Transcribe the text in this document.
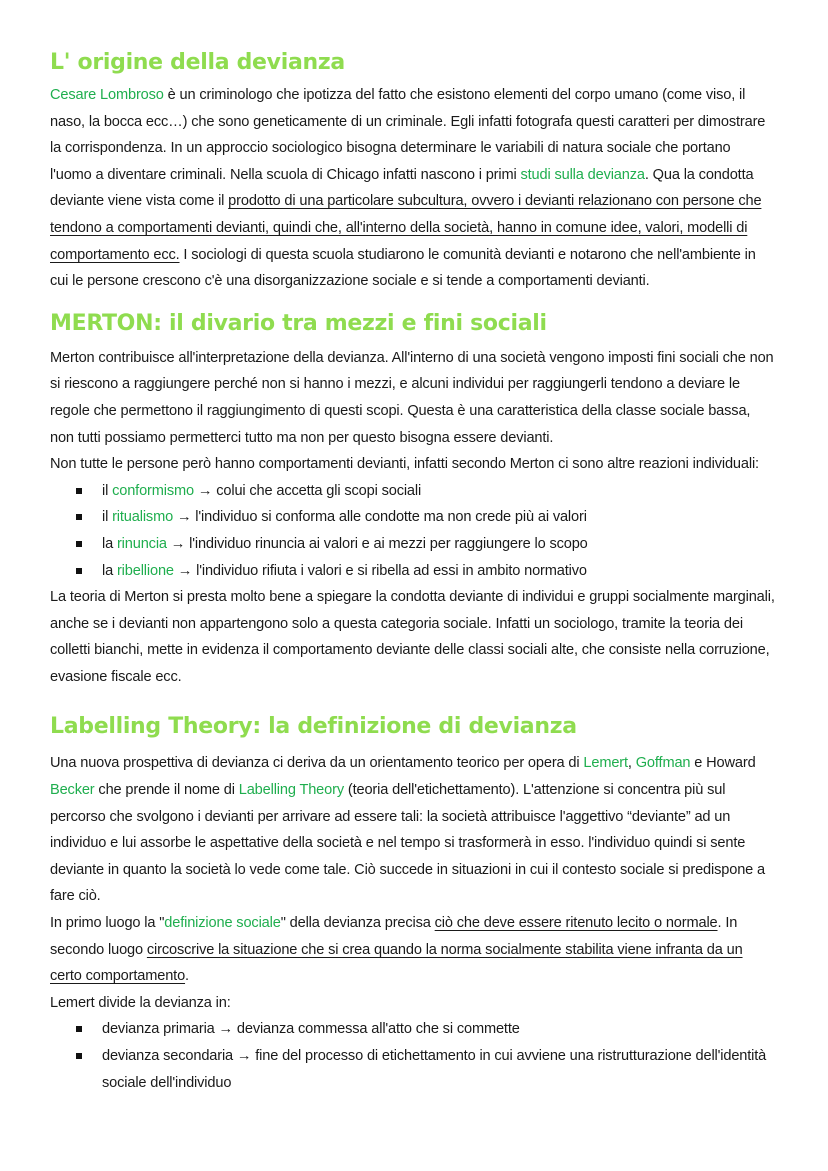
L' origine della devianza

Cesare Lombroso è un criminologo che ipotizza del fatto che esistono elementi del corpo umano (come viso, il naso, la bocca ecc…) che sono geneticamente di un criminale. Egli infatti fotografa questi caratteri per dimostrare la corrispondenza. In un approccio sociologico bisogna determinare le variabili di natura sociale che portano l'uomo a diventare criminali. Nella scuola di Chicago infatti nascono i primi studi sulla devianza. Qua la condotta deviante viene vista come il prodotto di una particolare subcultura, ovvero i devianti relazionano con persone che tendono a comportamenti devianti, quindi che, all'interno della società, hanno in comune idee, valori, modelli di comportamento ecc. I sociologi di questa scuola studiarono le comunità devianti e notarono che nell'ambiente in cui le persone crescono c'è una disorganizzazione sociale e si tende a comportamenti devianti.

MERTON: il divario tra mezzi e fini sociali

Merton contribuisce all'interpretazione della devianza. All'interno di una società vengono imposti fini sociali che non si riescono a raggiungere perché non si hanno i mezzi, e alcuni individui per raggiungerli tendono a deviare le regole che permettono il raggiungimento di questi scopi. Questa è una caratteristica della classe sociale bassa, non tutti possiamo permetterci tutto ma non per questo bisogna essere devianti.

Non tutte le persone però hanno comportamenti devianti, infatti secondo Merton ci sono altre reazioni individuali:

il conformismo → colui che accetta gli scopi sociali
il ritualismo → l'individuo si conforma alle condotte ma non crede più ai valori
la rinuncia → l'individuo rinuncia ai valori e ai mezzi per raggiungere lo scopo
la ribellione → l'individuo rifiuta i valori e si ribella ad essi in ambito normativo

La teoria di Merton si presta molto bene a spiegare la condotta deviante di individui e gruppi socialmente marginali, anche se i devianti non appartengono solo a questa categoria sociale. Infatti un sociologo, tramite la teoria dei colletti bianchi, mette in evidenza il comportamento deviante delle classi sociali alte, che consiste nella corruzione, evasione fiscale ecc.

Labelling Theory: la definizione di devianza

Una nuova prospettiva di devianza ci deriva da un orientamento teorico per opera di Lemert, Goffman e Howard Becker che prende il nome di Labelling Theory (teoria dell'etichettamento). L'attenzione si concentra più sul percorso che svolgono i devianti per arrivare ad essere tali: la società attribuisce l'aggettivo “deviante” ad un individuo e lui assorbe le aspettative della società e nel tempo si trasformerà in esso. l'individuo quindi si sente deviante in quanto la società lo vede come tale. Ciò succede in situazioni in cui il contesto sociale si predispone a fare ciò.

In primo luogo la "definizione sociale" della devianza precisa ciò che deve essere ritenuto lecito o normale. In secondo luogo circoscrive la situazione che si crea quando la norma socialmente stabilita viene infranta da un certo comportamento.

Lemert divide la devianza in:

devianza primaria → devianza commessa all'atto che si commette
devianza secondaria → fine del processo di etichettamento in cui avviene una ristrutturazione dell'identità sociale dell'individuo
